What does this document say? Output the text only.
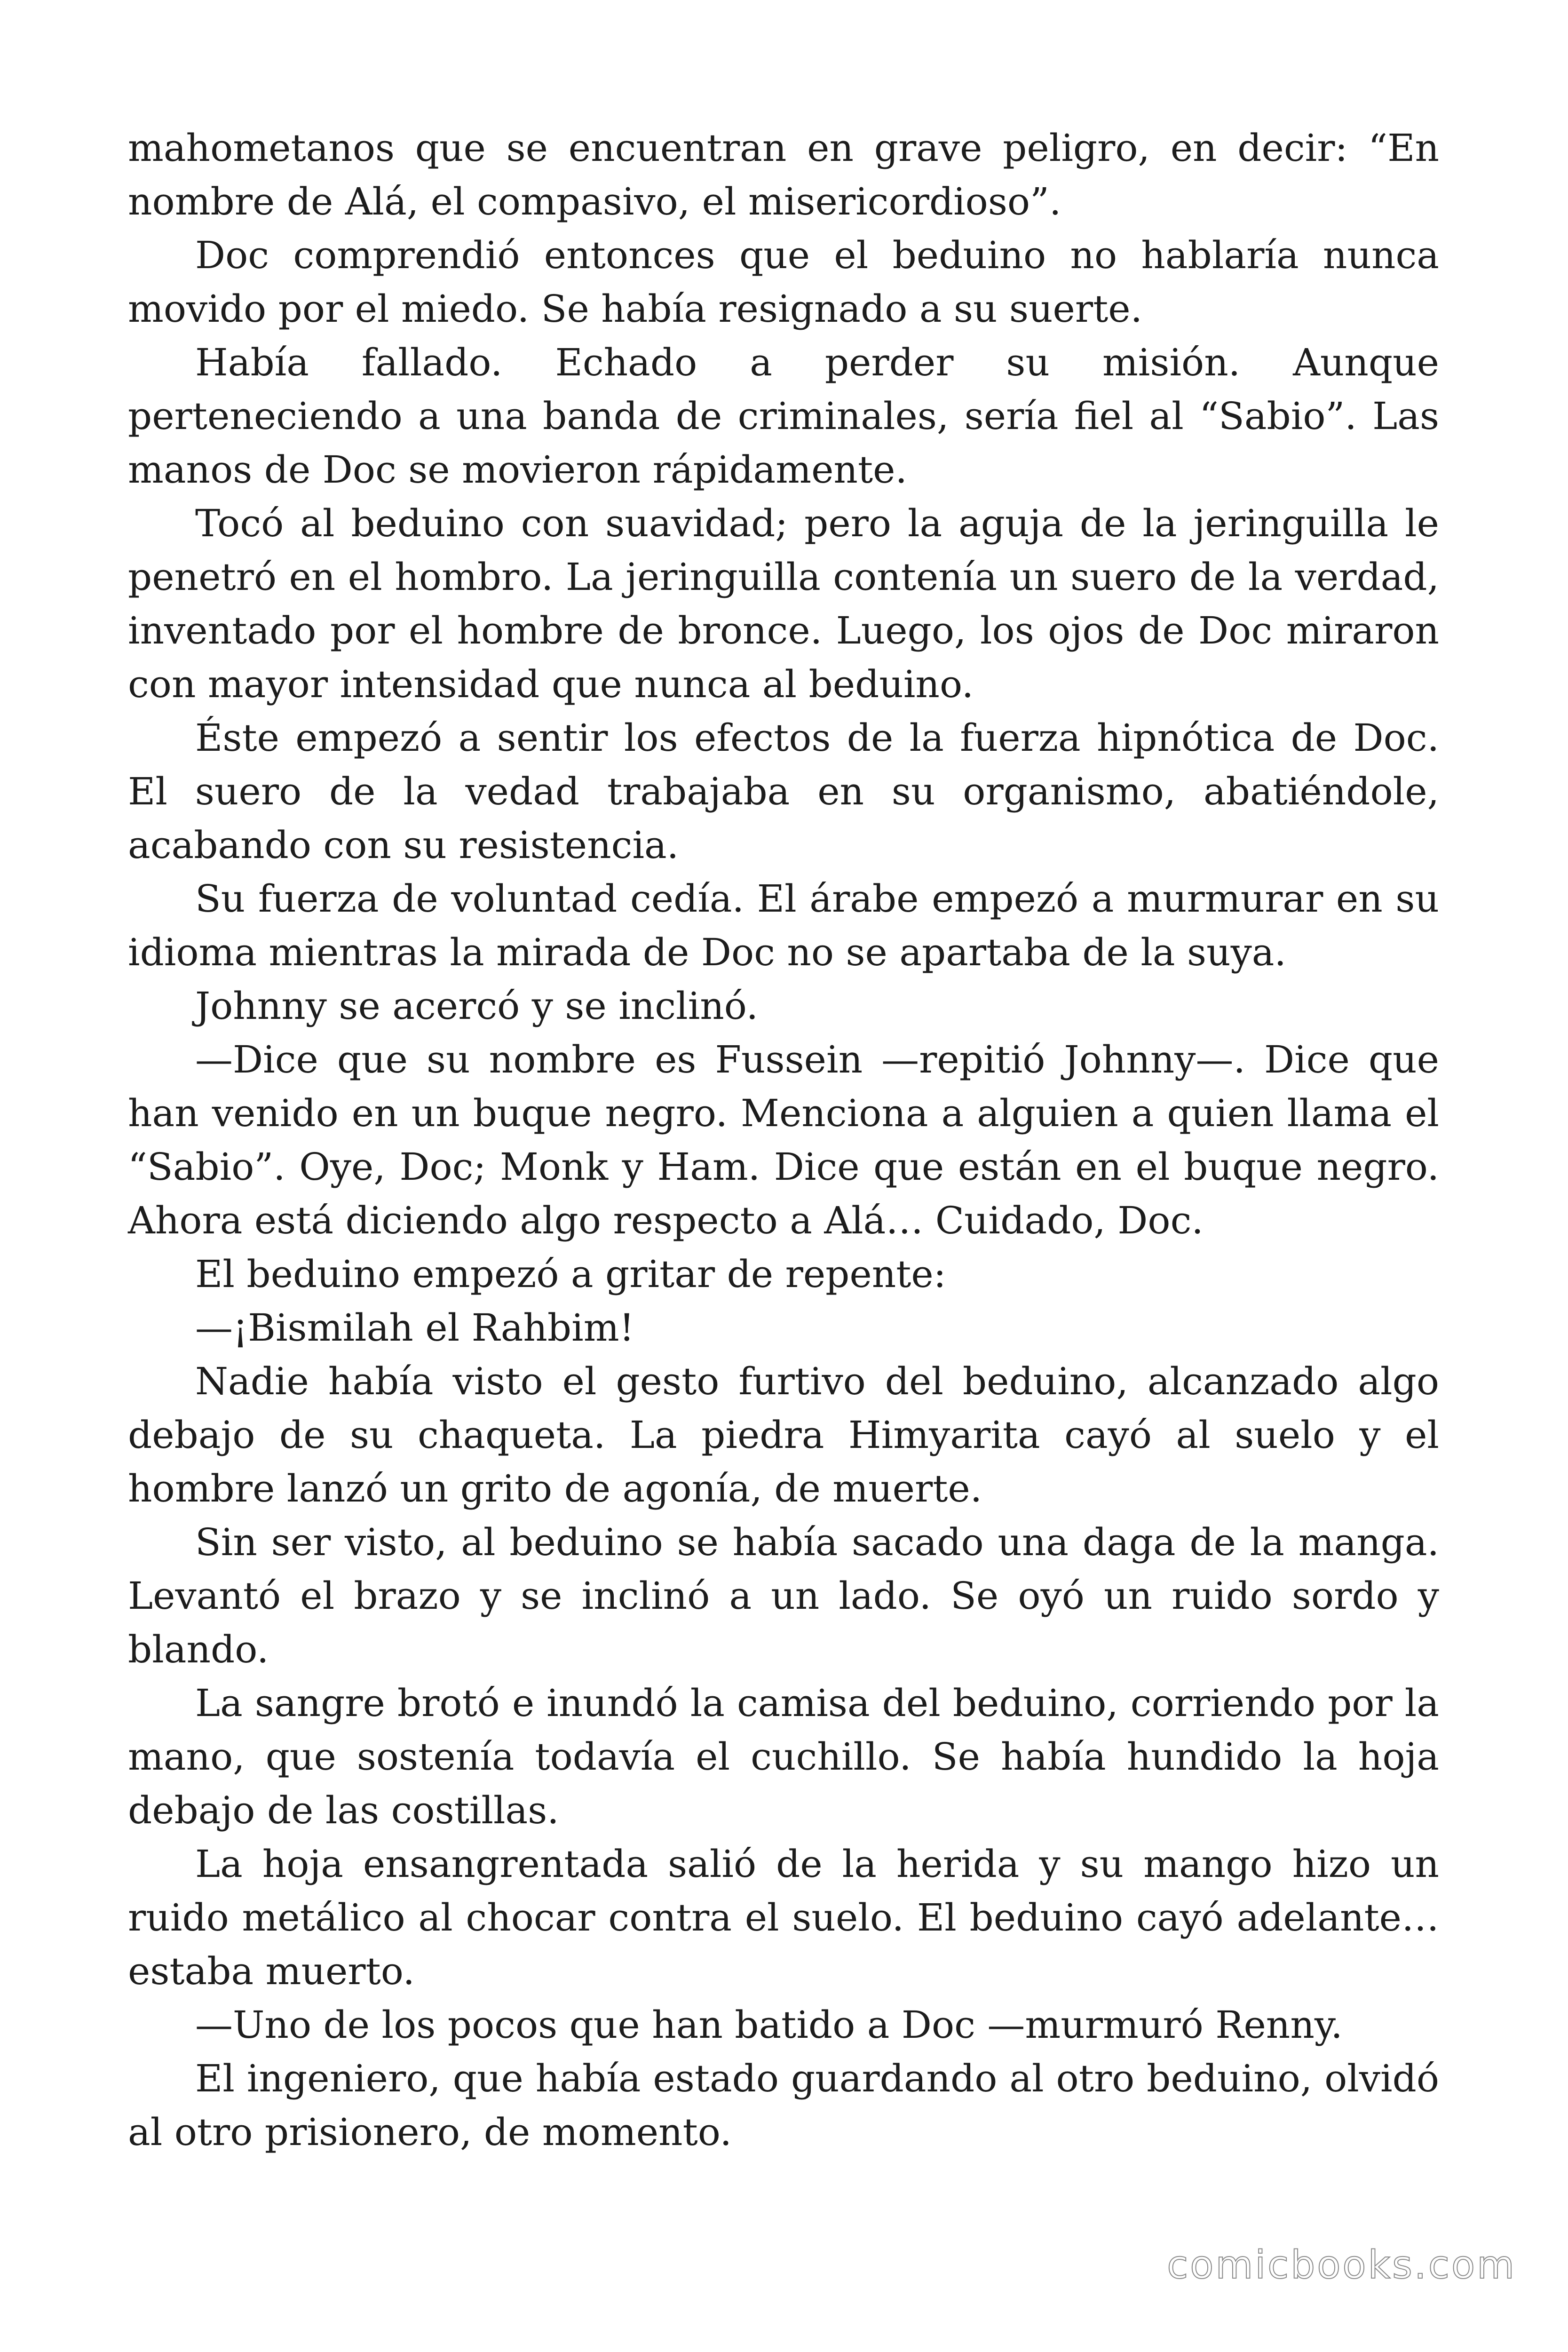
mahometanos que se encuentran en grave peligro, en decir: “En nombre de Alá, el compasivo, el misericordioso”.

Doc comprendió entonces que el beduino no hablaría nunca movido por el miedo. Se había resignado a su suerte.

Había fallado. Echado a perder su misión. Aunque perteneciendo a una banda de criminales, sería fiel al “Sabio”. Las manos de Doc se movieron rápidamente.

Tocó al beduino con suavidad; pero la aguja de la jeringuilla le penetró en el hombro. La jeringuilla contenía un suero de la verdad, inventado por el hombre de bronce. Luego, los ojos de Doc miraron con mayor intensidad que nunca al beduino.

Éste empezó a sentir los efectos de la fuerza hipnótica de Doc. El suero de la vedad trabajaba en su organismo, abatiéndole, acabando con su resistencia.

Su fuerza de voluntad cedía. El árabe empezó a murmurar en su idioma mientras la mirada de Doc no se apartaba de la suya.

Johnny se acercó y se inclinó.

—Dice que su nombre es Fussein —repitió Johnny—. Dice que han venido en un buque negro. Menciona a alguien a quien llama el “Sabio”. Oye, Doc; Monk y Ham. Dice que están en el buque negro. Ahora está diciendo algo respecto a Alá… Cuidado, Doc.

El beduino empezó a gritar de repente:

—¡Bismilah el Rahbim!

Nadie había visto el gesto furtivo del beduino, alcanzado algo debajo de su chaqueta. La piedra Himyarita cayó al suelo y el hombre lanzó un grito de agonía, de muerte.

Sin ser visto, al beduino se había sacado una daga de la manga. Levantó el brazo y se inclinó a un lado. Se oyó un ruido sordo y blando.

La sangre brotó e inundó la camisa del beduino, corriendo por la mano, que sostenía todavía el cuchillo. Se había hundido la hoja debajo de las costillas.

La hoja ensangrentada salió de la herida y su mango hizo un ruido metálico al chocar contra el suelo. El beduino cayó adelante… estaba muerto.

—Uno de los pocos que han batido a Doc —murmuró Renny.

El ingeniero, que había estado guardando al otro beduino, olvidó al otro prisionero, de momento.

comicbooks.com
